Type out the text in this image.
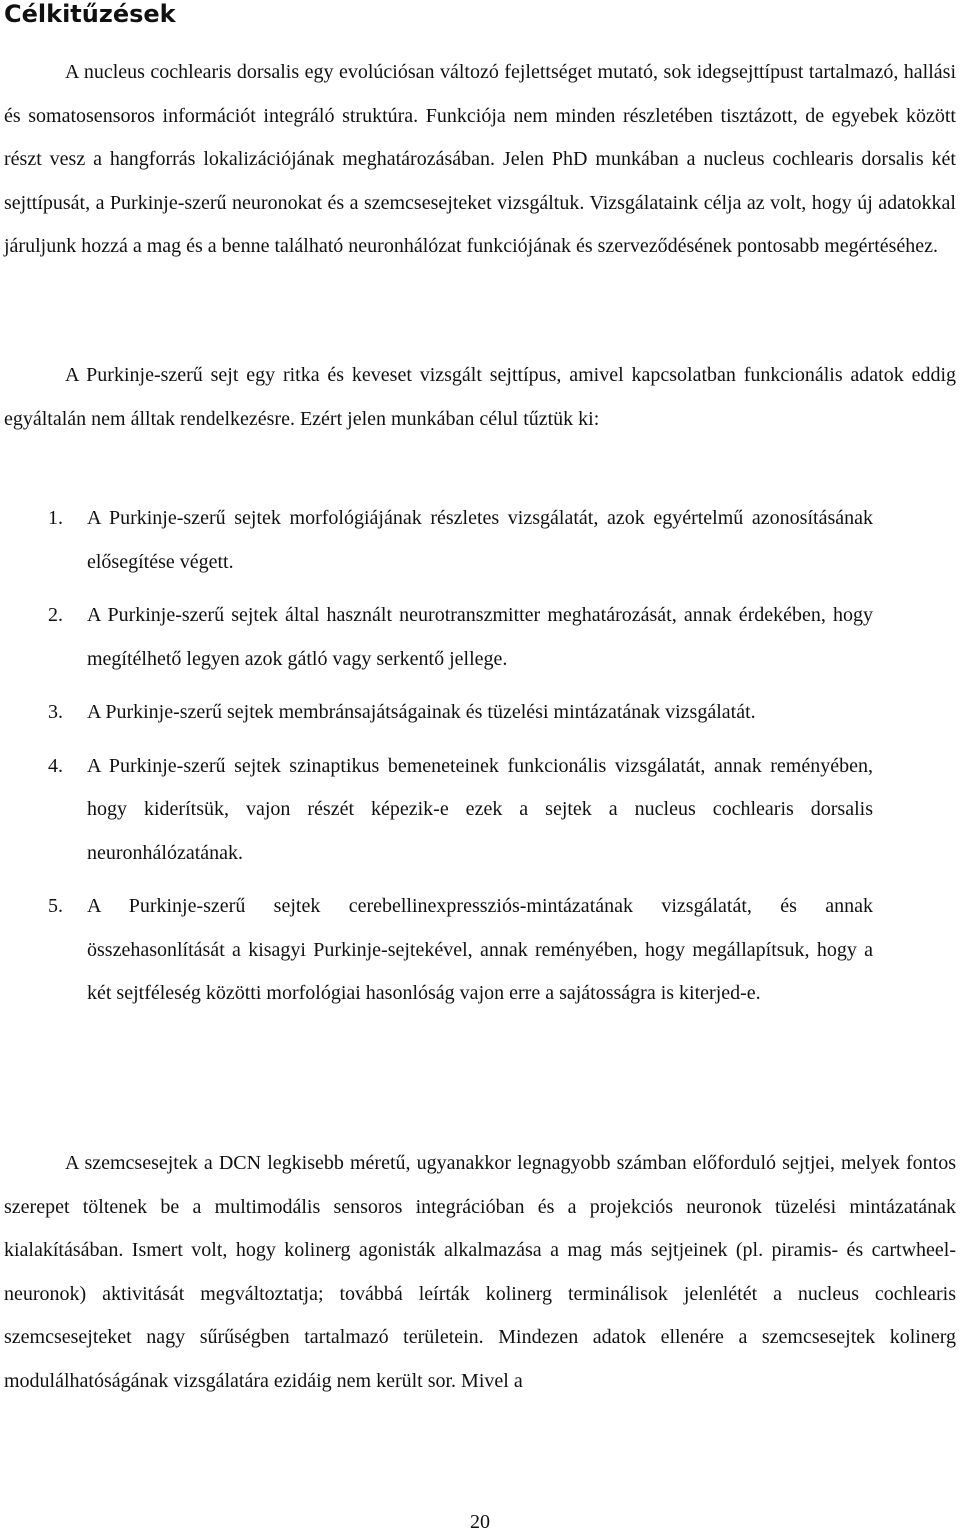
Célkitűzések

A nucleus cochlearis dorsalis egy evolúciósan változó fejlettséget mutató, sok idegsejttípust tartalmazó, hallási és somatosensoros információt integráló struktúra. Funkciója nem minden részletében tisztázott, de egyebek között részt vesz a hangforrás lokalizációjának meghatározásában. Jelen PhD munkában a nucleus cochlearis dorsalis két sejttípusát, a Purkinje-szerű neuronokat és a szemcsesejteket vizsgáltuk. Vizsgálataink célja az volt, hogy új adatokkal járuljunk hozzá a mag és a benne található neuronhálózat funkciójának és szerveződésének pontosabb megértéséhez.

A Purkinje-szerű sejt egy ritka és keveset vizsgált sejttípus, amivel kapcsolatban funkcionális adatok eddig egyáltalán nem álltak rendelkezésre. Ezért jelen munkában célul tűztük ki:

1. A Purkinje-szerű sejtek morfológiájának részletes vizsgálatát, azok egyértelmű azonosításának elősegítése végett.
2. A Purkinje-szerű sejtek által használt neurotranszmitter meghatározását, annak érdekében, hogy megítélhető legyen azok gátló vagy serkentő jellege.
3. A Purkinje-szerű sejtek membránsajátságainak és tüzelési mintázatának vizsgálatát.
4. A Purkinje-szerű sejtek szinaptikus bemeneteinek funkcionális vizsgálatát, annak reményében, hogy kiderítsük, vajon részét képezik-e ezek a sejtek a nucleus cochlearis dorsalis neuronhálózatának.
5. A Purkinje-szerű sejtek cerebellinexpressziós-mintázatának vizsgálatát, és annak összehasonlítását a kisagyi Purkinje-sejtekével, annak reményében, hogy megállapítsuk, hogy a két sejtféleség közötti morfológiai hasonlóság vajon erre a sajátosságra is kiterjed-e.

A szemcsesejtek a DCN legkisebb méretű, ugyanakkor legnagyobb számban előforduló sejtjei, melyek fontos szerepet töltenek be a multimodális sensoros integrációban és a projekciós neuronok tüzelési mintázatának kialakításában. Ismert volt, hogy kolinerg agonisták alkalmazása a mag más sejtjeinek (pl. piramis- és cartwheel-neuronok) aktivitását megváltoztatja; továbbá leírták kolinerg terminálisok jelenlétét a nucleus cochlearis szemcsesejteket nagy sűrűségben tartalmazó területein. Mindezen adatok ellenére a szemcsesejtek kolinerg modulálhatóságának vizsgálatára ezidáig nem került sor. Mivel a

20
